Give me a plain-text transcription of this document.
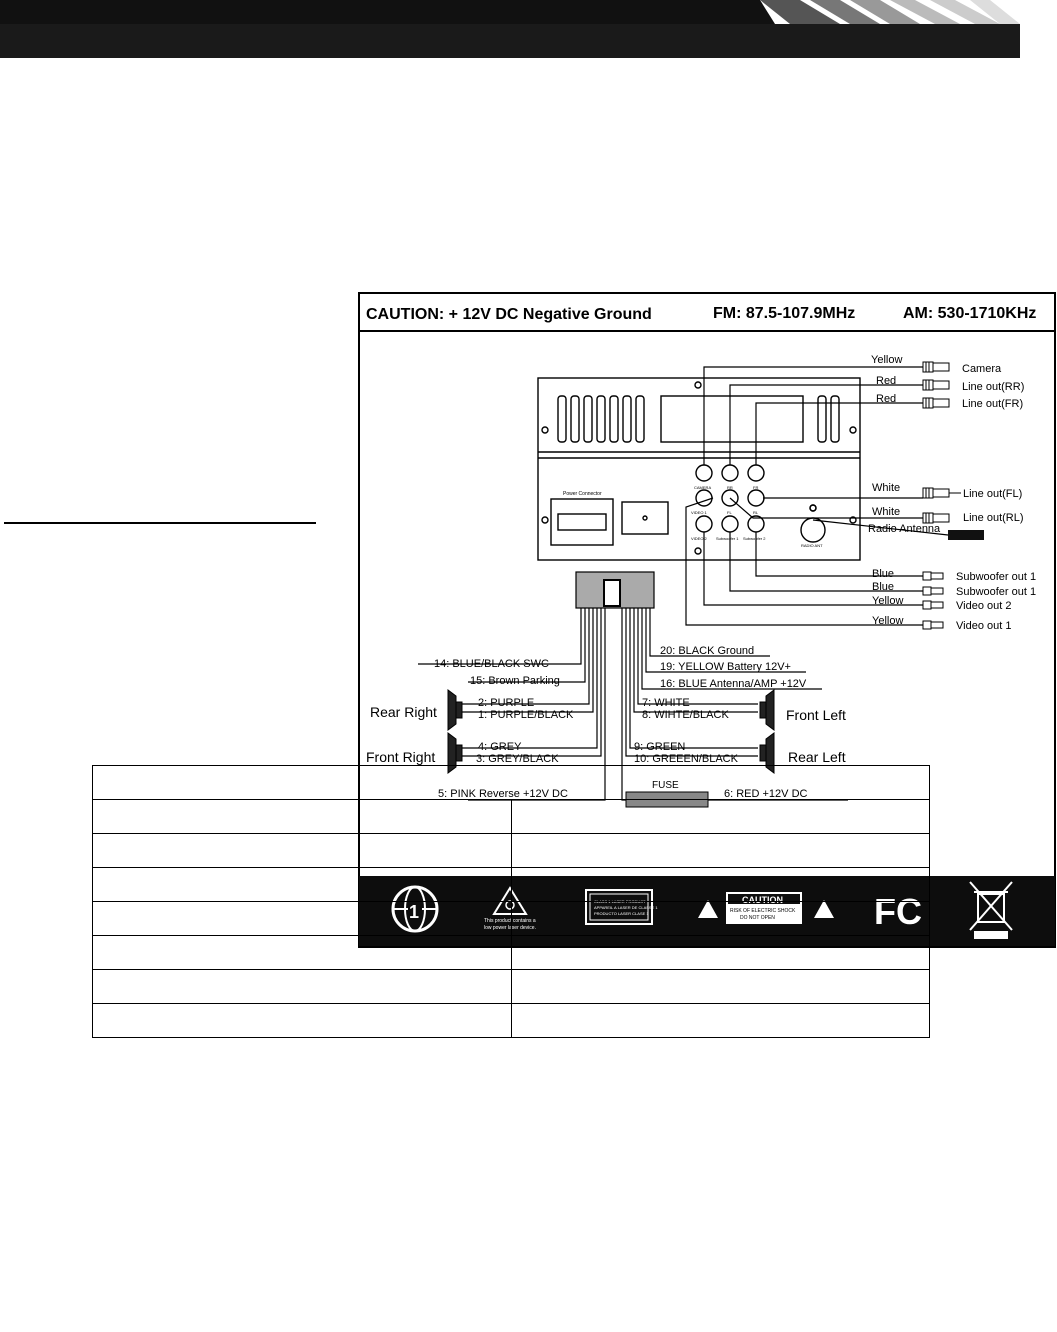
CAUTION: + 12V DC Negative Ground	FM: 87.5-107.9MHz	AM: 530-1710KHz
Power Connector
CAMERA	RR	FR
VIDEO 1	FL	RL
VIDEO 2 Subwoofer 1 Subwoofer 2
RADIO ANT
Yellow
Red
Red
White
White
Blue
Blue
Yellow
Yellow
Camera
Line out(RR)
Line out(FR)
Line out(FL)
Line out(RL)
Subwoofer out 1
Subwoofer out 1
Video out 2
Video out 1
Radio Antenna
FUSE
14: BLUE/BLACK SWC
15: Brown Parking
2: PURPLE
1: PURPLE/BLACK
4: GREY
3: GREY/BLACK
5: PINK Reverse +12V DC
20: BLACK Ground
19: YELLOW Battery 12V+
16: BLUE Antenna/AMP +12V
7: WHITE
8: WIHTE/BLACK
9: GREEN
10: GREEEN/BLACK
6: RED +12V DC
Rear Right
Front Right
Front Left
Rear Left
1	This product contains a
low power laser device.
CLASS 1 LASER PRODUCT
APPAREIL A LASER DE CLASSE 1
PRODUCTO LASER CLASE 1
CAUTION
RISK OF ELECTRIC SHOCK
DO NOT OPEN	FC
